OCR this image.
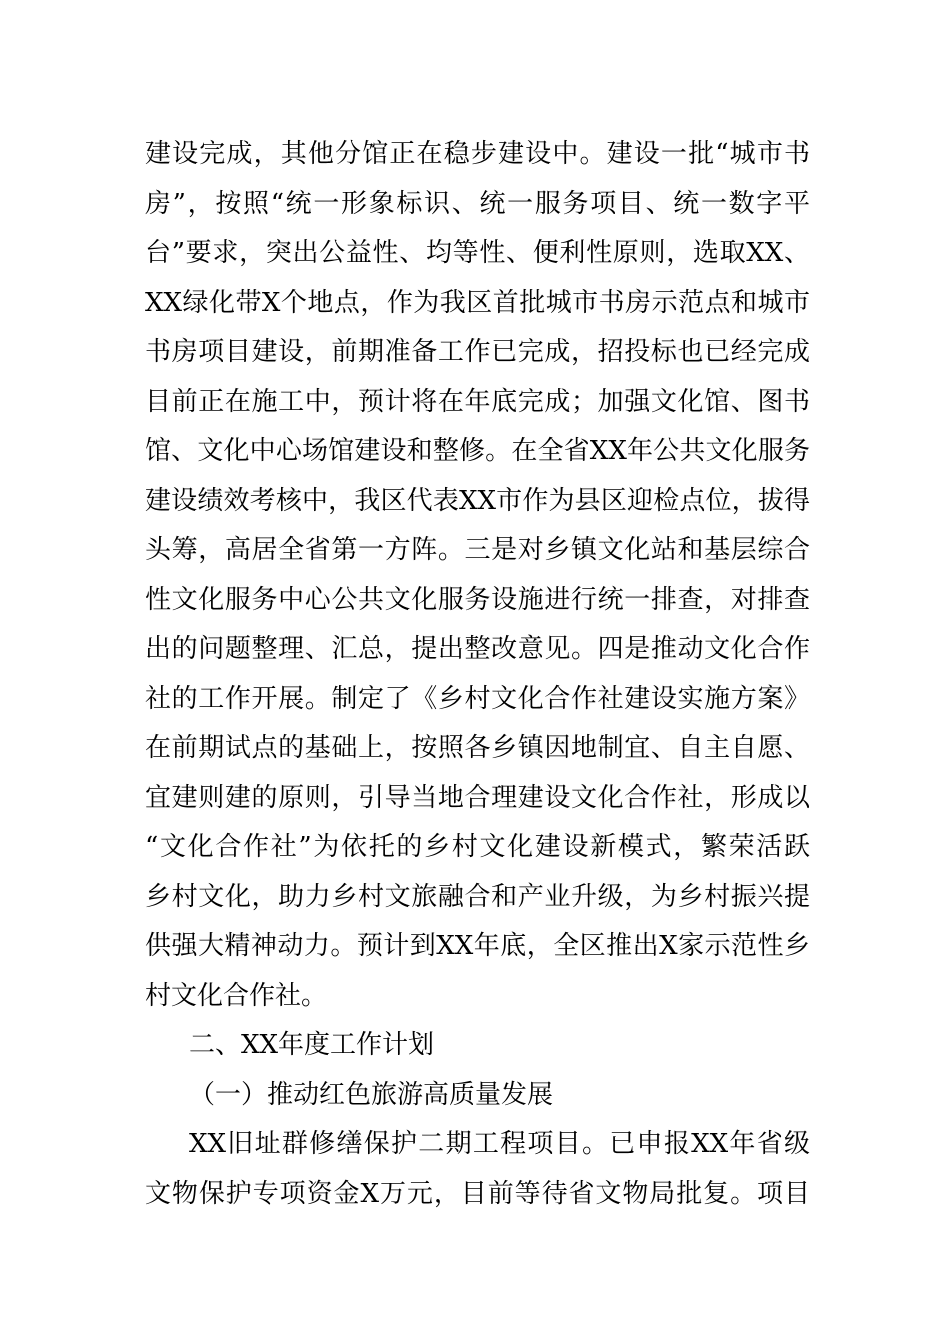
建设完成，其他分馆正在稳步建设中。建设一批“城市书

房”，按照“统一形象标识、统一服务项目、统一数字平

台”要求，突出公益性、均等性、便利性原则，选取XX、

XX绿化带X个地点，作为我区首批城市书房示范点和城市

书房项目建设，前期准备工作已完成，招投标也已经完成

目前正在施工中，预计将在年底完成；加强文化馆、图书

馆、文化中心场馆建设和整修。在全省XX年公共文化服务

建设绩效考核中，我区代表XX市作为县区迎检点位，拔得

头筹，高居全省第一方阵。三是对乡镇文化站和基层综合

性文化服务中心公共文化服务设施进行统一排查，对排查

出的问题整理、汇总，提出整改意见。四是推动文化合作

社的工作开展。制定了《乡村文化合作社建设实施方案》

在前期试点的基础上，按照各乡镇因地制宜、自主自愿、

宜建则建的原则，引导当地合理建设文化合作社，形成以

“文化合作社”为依托的乡村文化建设新模式，繁荣活跃

乡村文化，助力乡村文旅融合和产业升级，为乡村振兴提

供强大精神动力。预计到XX年底，全区推出X家示范性乡

村文化合作社。

二、XX年度工作计划

（一）推动红色旅游高质量发展

XX旧址群修缮保护二期工程项目。已申报XX年省级

文物保护专项资金X万元，目前等待省文物局批复。项目
